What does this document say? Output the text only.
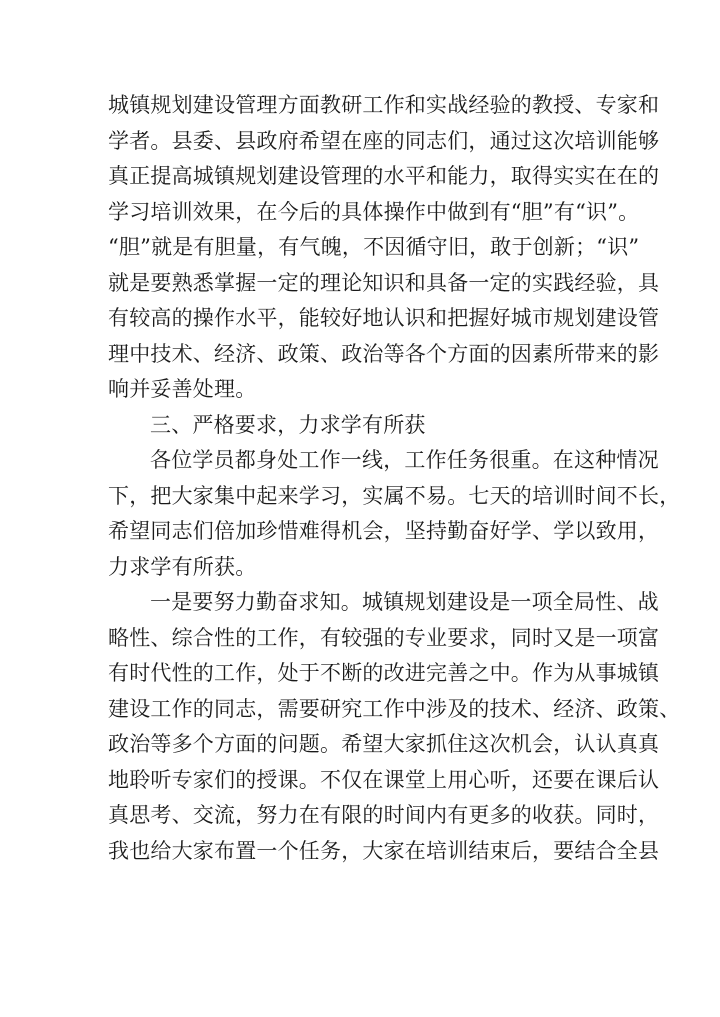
城镇规划建设管理方面教研工作和实战经验的教授、专家和
学者。县委、县政府希望在座的同志们，通过这次培训能够
真正提高城镇规划建设管理的水平和能力，取得实实在在的
学习培训效果，在今后的具体操作中做到有“胆”有“识”。
“胆”就是有胆量，有气魄，不因循守旧，敢于创新；“识”
就是要熟悉掌握一定的理论知识和具备一定的实践经验，具
有较高的操作水平，能较好地认识和把握好城市规划建设管
理中技术、经济、政策、政治等各个方面的因素所带来的影
响并妥善处理。
三、严格要求，力求学有所获
各位学员都身处工作一线，工作任务很重。在这种情况
下，把大家集中起来学习，实属不易。七天的培训时间不长，
希望同志们倍加珍惜难得机会，坚持勤奋好学、学以致用，
力求学有所获。
一是要努力勤奋求知。城镇规划建设是一项全局性、战
略性、综合性的工作，有较强的专业要求，同时又是一项富
有时代性的工作，处于不断的改进完善之中。作为从事城镇
建设工作的同志，需要研究工作中涉及的技术、经济、政策、
政治等多个方面的问题。希望大家抓住这次机会，认认真真
地聆听专家们的授课。不仅在课堂上用心听，还要在课后认
真思考、交流，努力在有限的时间内有更多的收获。同时，
我也给大家布置一个任务，大家在培训结束后，要结合全县
